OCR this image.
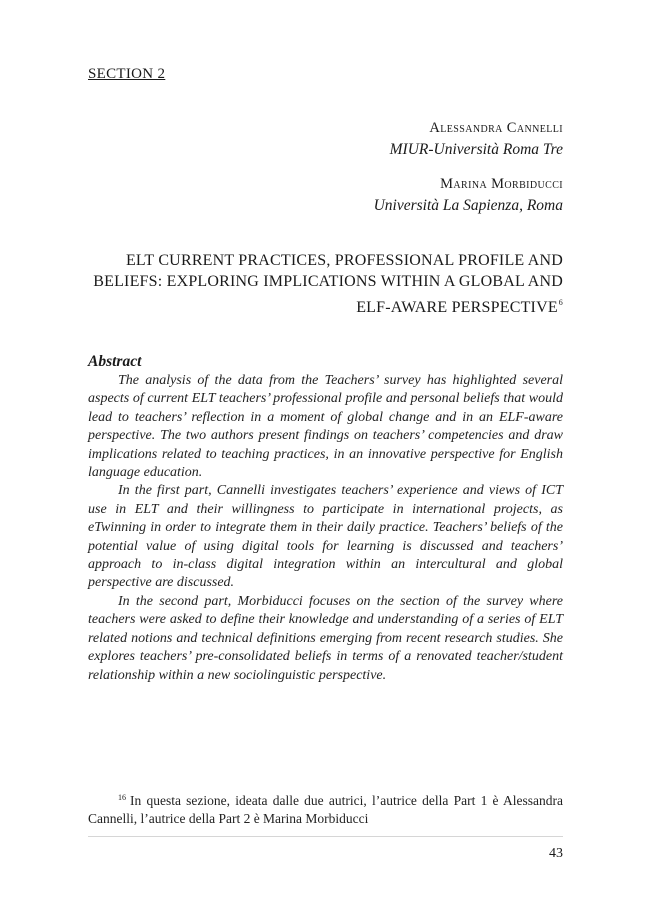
SECTION 2
Alessandra Cannelli
MIUR-Università Roma Tre
Marina Morbiducci
Università La Sapienza, Roma
ELT CURRENT PRACTICES, PROFESSIONAL PROFILE AND
BELIEFS: EXPLORING IMPLICATIONS WITHIN A GLOBAL AND
ELF-AWARE PERSPECTIVE$^6$
Abstract

The analysis of the data from the Teachers’ survey has highlighted several aspects of current ELT teachers’ professional profile and personal beliefs that would lead to teachers’ reflection in a moment of global change and in an ELF-aware perspective. The two authors present findings on teachers’ competencies and draw implications related to teaching practices, in an innovative perspective for English language education.

In the first part, Cannelli investigates teachers’ experience and views of ICT use in ELT and their willingness to participate in international projects, as eTwinning in order to integrate them in their daily practice. Teachers’ beliefs of the potential value of using digital tools for learning is discussed and teachers’ approach to in-class digital integration within an intercultural and global perspective are discussed.

In the second part, Morbiducci focuses on the section of the survey where teachers were asked to define their knowledge and understanding of a series of ELT related notions and technical definitions emerging from recent research studies. She explores teachers’ pre-consolidated beliefs in terms of a renovated teacher/student relationship within a new sociolinguistic perspective.

$^{16}$ In questa sezione, ideata dalle due autrici, l’autrice della Part 1 è Alessandra Cannelli, l’autrice della Part 2 è Marina Morbiducci
43
